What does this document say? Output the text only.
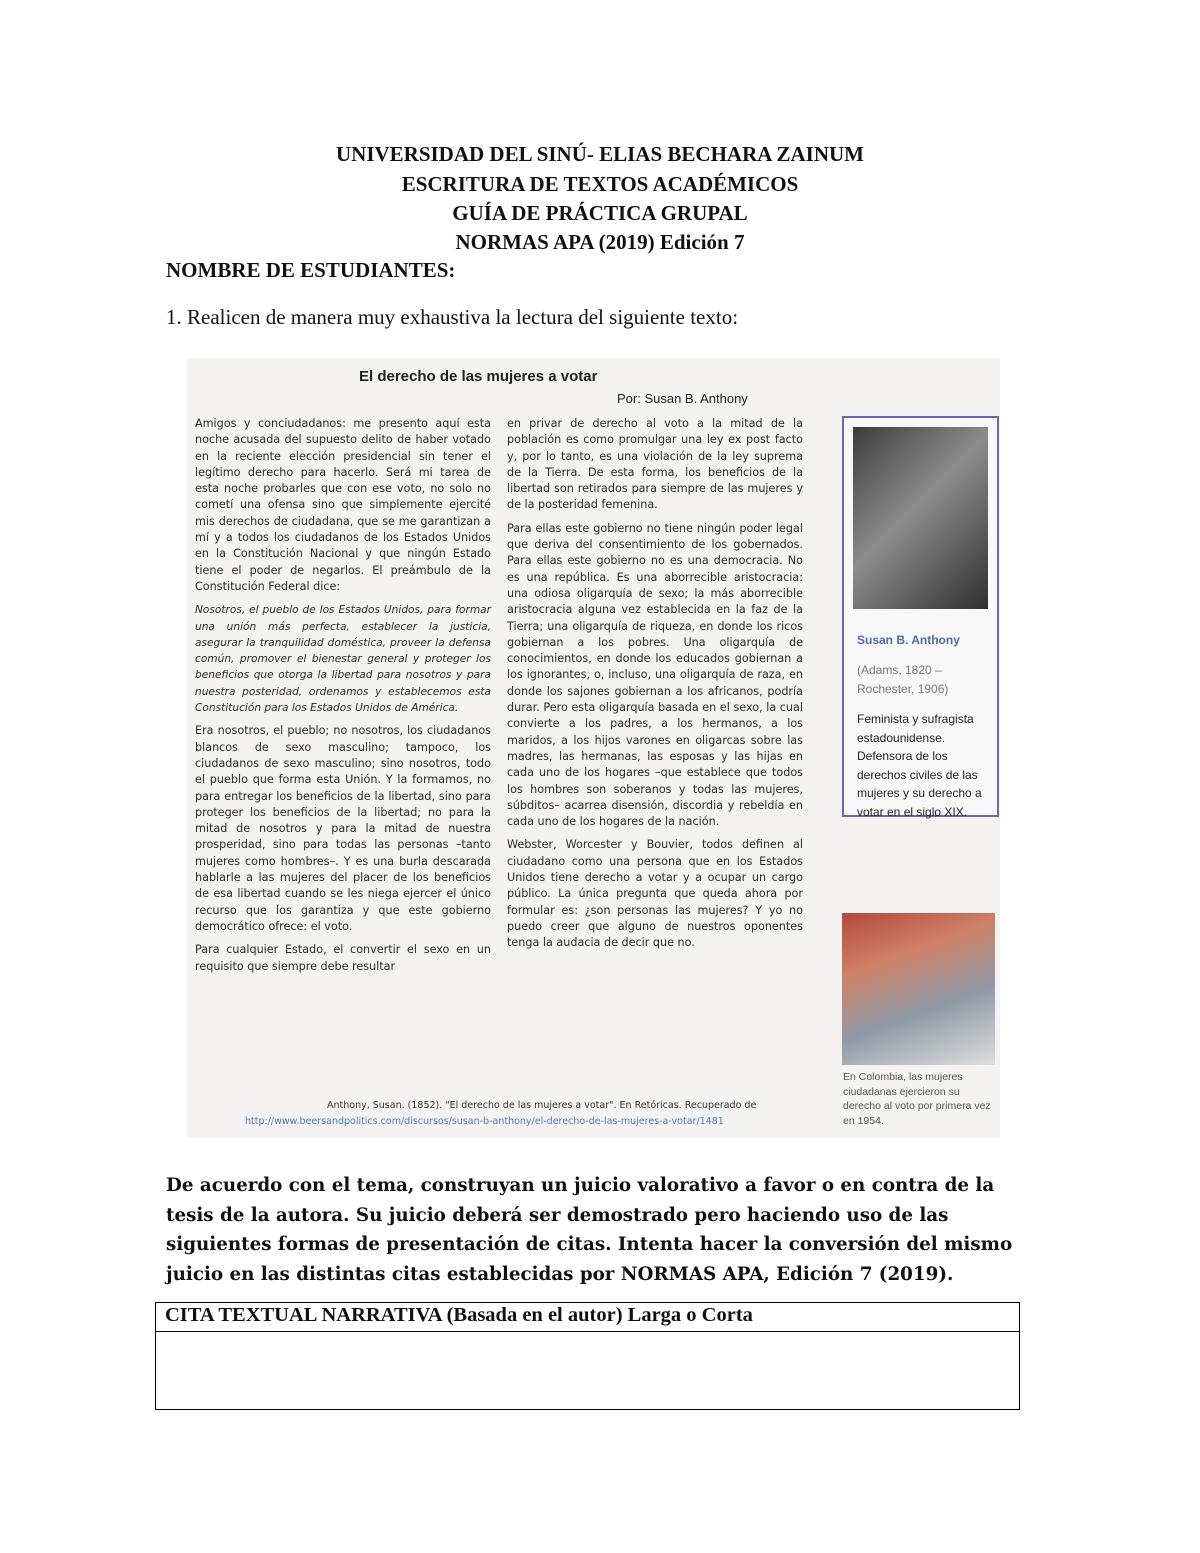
UNIVERSIDAD DEL SINÚ- ELIAS BECHARA ZAINUM
ESCRITURA DE TEXTOS ACADÉMICOS
GUÍA DE PRÁCTICA GRUPAL
NORMAS APA (2019) Edición 7
NOMBRE DE ESTUDIANTES:
1. Realicen de manera muy exhaustiva la lectura del siguiente texto:
El derecho de las mujeres a votar
Por: Susan B. Anthony

Amigos y conciudadanos: me presento aquí esta noche acusada del supuesto delito de haber votado en la reciente elección presidencial sin tener el legítimo derecho para hacerlo. Será mi tarea de esta noche probarles que con ese voto, no solo no cometí una ofensa sino que simplemente ejercité mis derechos de ciudadana, que se me garantizan a mí y a todos los ciudadanos de los Estados Unidos en la Constitución Nacional y que ningún Estado tiene el poder de negarlos. El preámbulo de la Constitución Federal dice:

Nosotros, el pueblo de los Estados Unidos, para formar una unión más perfecta, establecer la justicia, asegurar la tranquilidad doméstica, proveer la defensa común, promover el bienestar general y proteger los beneficios que otorga la libertad para nosotros y para nuestra posteridad, ordenamos y establecemos esta Constitución para los Estados Unidos de América.

Era nosotros, el pueblo; no nosotros, los ciudadanos blancos de sexo masculino; tampoco, los ciudadanos de sexo masculino; sino nosotros, todo el pueblo que forma esta Unión. Y la formamos, no para entregar los beneficios de la libertad, sino para proteger los beneficios de la libertad; no para la mitad de nosotros y para la mitad de nuestra prosperidad, sino para todas las personas –tanto mujeres como hombres–. Y es una burla descarada hablarle a las mujeres del placer de los beneficios de esa libertad cuando se les niega ejercer el único recurso que los garantiza y que este gobierno democrático ofrece: el voto.

Para cualquier Estado, el convertir el sexo en un requisito que siempre debe resultar

en privar de derecho al voto a la mitad de la población es como promulgar una ley ex post facto y, por lo tanto, es una violación de la ley suprema de la Tierra. De esta forma, los beneficios de la libertad son retirados para siempre de las mujeres y de la posteridad femenina.

Para ellas este gobierno no tiene ningún poder legal que deriva del consentimiento de los gobernados. Para ellas este gobierno no es una democracia. No es una república. Es una aborrecible aristocracia: una odiosa oligarquía de sexo; la más aborrecible aristocracia alguna vez establecida en la faz de la Tierra; una oligarquía de riqueza, en donde los ricos gobiernan a los pobres. Una oligarquía de conocimientos, en donde los educados gobiernan a los ignorantes, o, incluso, una oligarquía de raza, en donde los sajones gobiernan a los africanos, podría durar. Pero esta oligarquía basada en el sexo, la cual convierte a los padres, a los hermanos, a los maridos, a los hijos varones en oligarcas sobre las madres, las hermanas, las esposas y las hijas en cada uno de los hogares –que establece que todos los hombres son soberanos y todas las mujeres, súbditos– acarrea disensión, discordia y rebeldía en cada uno de los hogares de la nación.

Webster, Worcester y Bouvier, todos definen al ciudadano como una persona que en los Estados Unidos tiene derecho a votar y a ocupar un cargo público. La única pregunta que queda ahora por formular es: ¿son personas las mujeres? Y yo no puedo creer que alguno de nuestros oponentes tenga la audacia de decir que no.

Anthony, Susan. (1852). "El derecho de las mujeres a votar". En Retóricas. Recuperado de
http://www.beersandpolitics.com/discursos/susan-b-anthony/el-derecho-de-las-mujeres-a-votar/1481
Susan B. Anthony
(Adams, 1820 – Rochester, 1906)
Feminista y sufragista estadounidense. Defensora de los derechos civiles de las mujeres y su derecho a votar en el siglo XIX.
En Colombia, las mujeres ciudadanas ejercieron su derecho al voto por primera vez en 1954.
De acuerdo con el tema, construyan un juicio valorativo a favor o en contra de la tesis de la autora. Su juicio deberá ser demostrado pero haciendo uso de las siguientes formas de presentación de citas. Intenta hacer la conversión del mismo juicio en las distintas citas establecidas por NORMAS APA, Edición 7 (2019).
CITA TEXTUAL NARRATIVA (Basada en el autor) Larga o Corta
